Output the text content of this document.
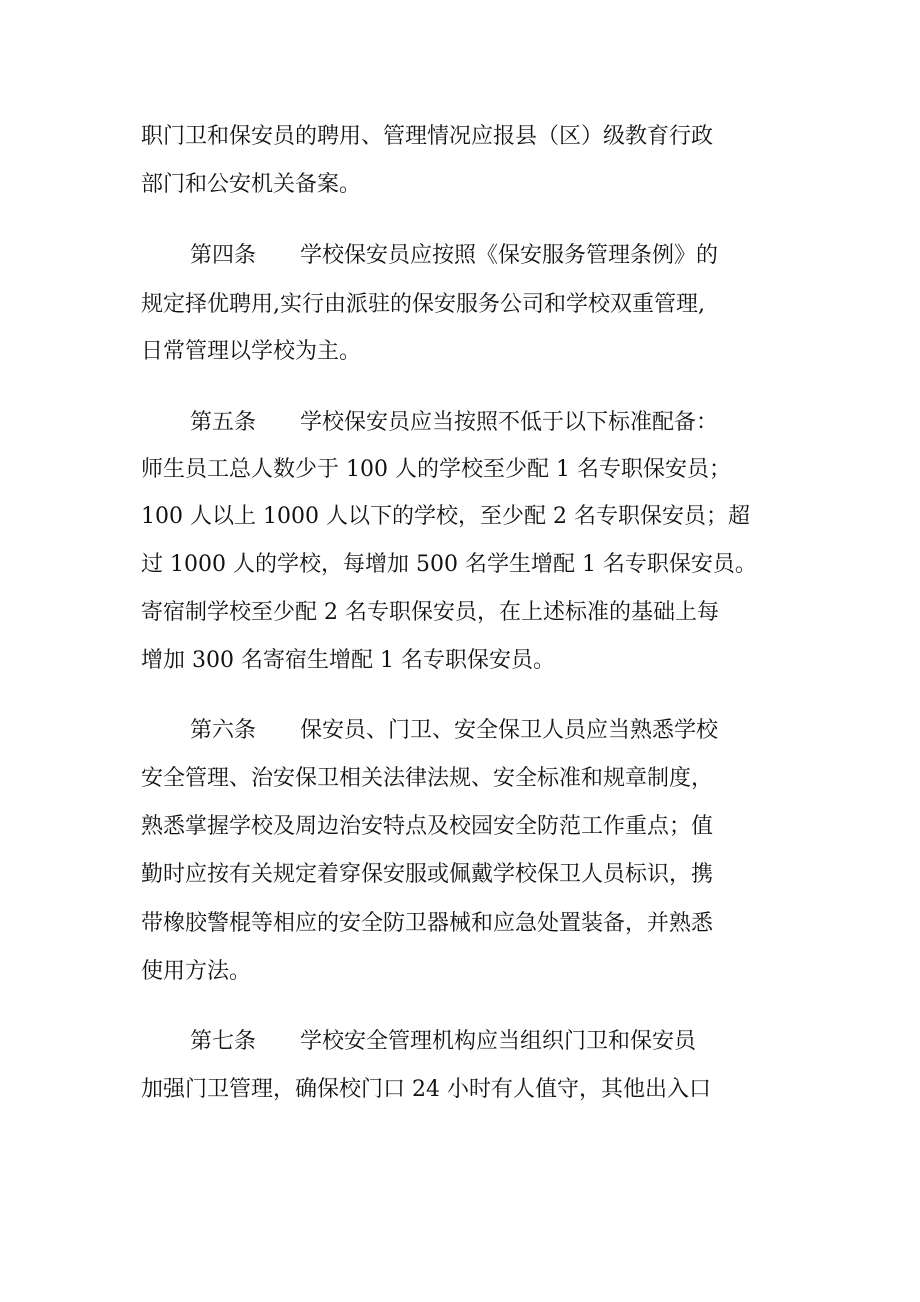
职门卫和保安员的聘用、管理情况应报县（区）级教育行政
部门和公安机关备案。
第四条 学校保安员应按照《保安服务管理条例》的
规定择优聘用,实行由派驻的保安服务公司和学校双重管理,
日常管理以学校为主。
第五条 学校保安员应当按照不低于以下标准配备：
师生员工总人数少于 100 人的学校至少配 1 名专职保安员；
100 人以上 1000 人以下的学校，至少配 2 名专职保安员；超
过 1000 人的学校，每增加 500 名学生增配 1 名专职保安员。
寄宿制学校至少配 2 名专职保安员，在上述标准的基础上每
增加 300 名寄宿生增配 1 名专职保安员。
第六条 保安员、门卫、安全保卫人员应当熟悉学校
安全管理、治安保卫相关法律法规、安全标准和规章制度，
熟悉掌握学校及周边治安特点及校园安全防范工作重点；值
勤时应按有关规定着穿保安服或佩戴学校保卫人员标识，携
带橡胶警棍等相应的安全防卫器械和应急处置装备，并熟悉
使用方法。
第七条 学校安全管理机构应当组织门卫和保安员
加强门卫管理，确保校门口 24 小时有人值守，其他出入口
